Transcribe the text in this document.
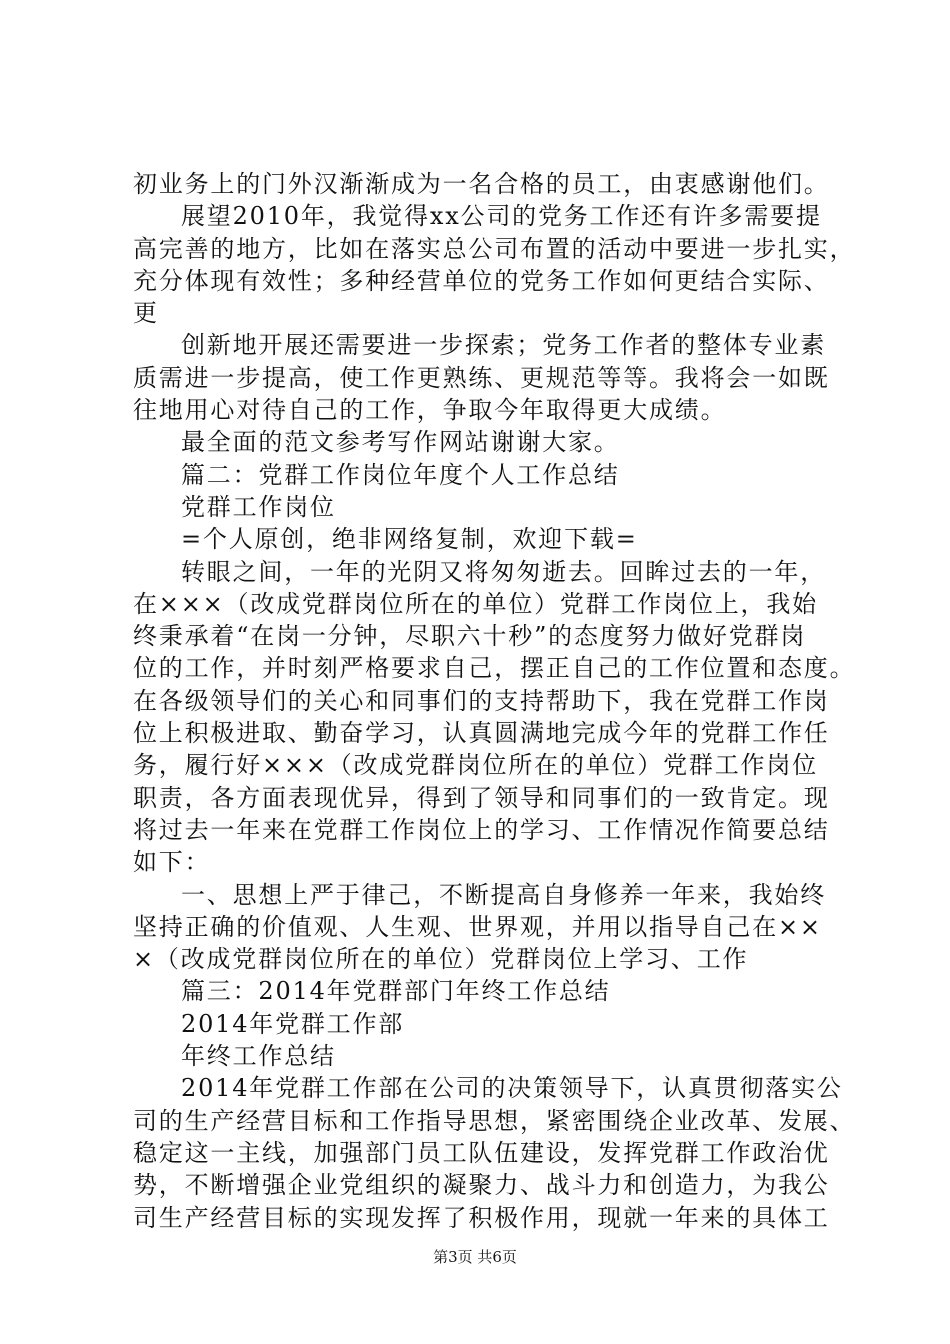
初业务上的门外汉渐渐成为一名合格的员工，由衷感谢他们。
展望2010年，我觉得xx公司的党务工作还有许多需要提
高完善的地方，比如在落实总公司布置的活动中要进一步扎实，
充分体现有效性；多种经营单位的党务工作如何更结合实际、
更
创新地开展还需要进一步探索；党务工作者的整体专业素
质需进一步提高，使工作更熟练、更规范等等。我将会一如既
往地用心对待自己的工作，争取今年取得更大成绩。
最全面的范文参考写作网站谢谢大家。
篇二：党群工作岗位年度个人工作总结
党群工作岗位
=个人原创，绝非网络复制，欢迎下载=
转眼之间，一年的光阴又将匆匆逝去。回眸过去的一年，
在×××（改成党群岗位所在的单位）党群工作岗位上，我始
终秉承着“在岗一分钟，尽职六十秒”的态度努力做好党群岗
位的工作，并时刻严格要求自己，摆正自己的工作位置和态度。
在各级领导们的关心和同事们的支持帮助下，我在党群工作岗
位上积极进取、勤奋学习，认真圆满地完成今年的党群工作任
务，履行好×××（改成党群岗位所在的单位）党群工作岗位
职责，各方面表现优异，得到了领导和同事们的一致肯定。现
将过去一年来在党群工作岗位上的学习、工作情况作简要总结
如下：
一、思想上严于律己，不断提高自身修养一年来，我始终
坚持正确的价值观、人生观、世界观，并用以指导自己在××
×（改成党群岗位所在的单位）党群岗位上学习、工作
篇三：2014年党群部门年终工作总结
2014年党群工作部
年终工作总结
2014年党群工作部在公司的决策领导下，认真贯彻落实公
司的生产经营目标和工作指导思想，紧密围绕企业改革、发展、
稳定这一主线，加强部门员工队伍建设，发挥党群工作政治优
势，不断增强企业党组织的凝聚力、战斗力和创造力，为我公
司生产经营目标的实现发挥了积极作用，现就一年来的具体工
第3页 共6页
